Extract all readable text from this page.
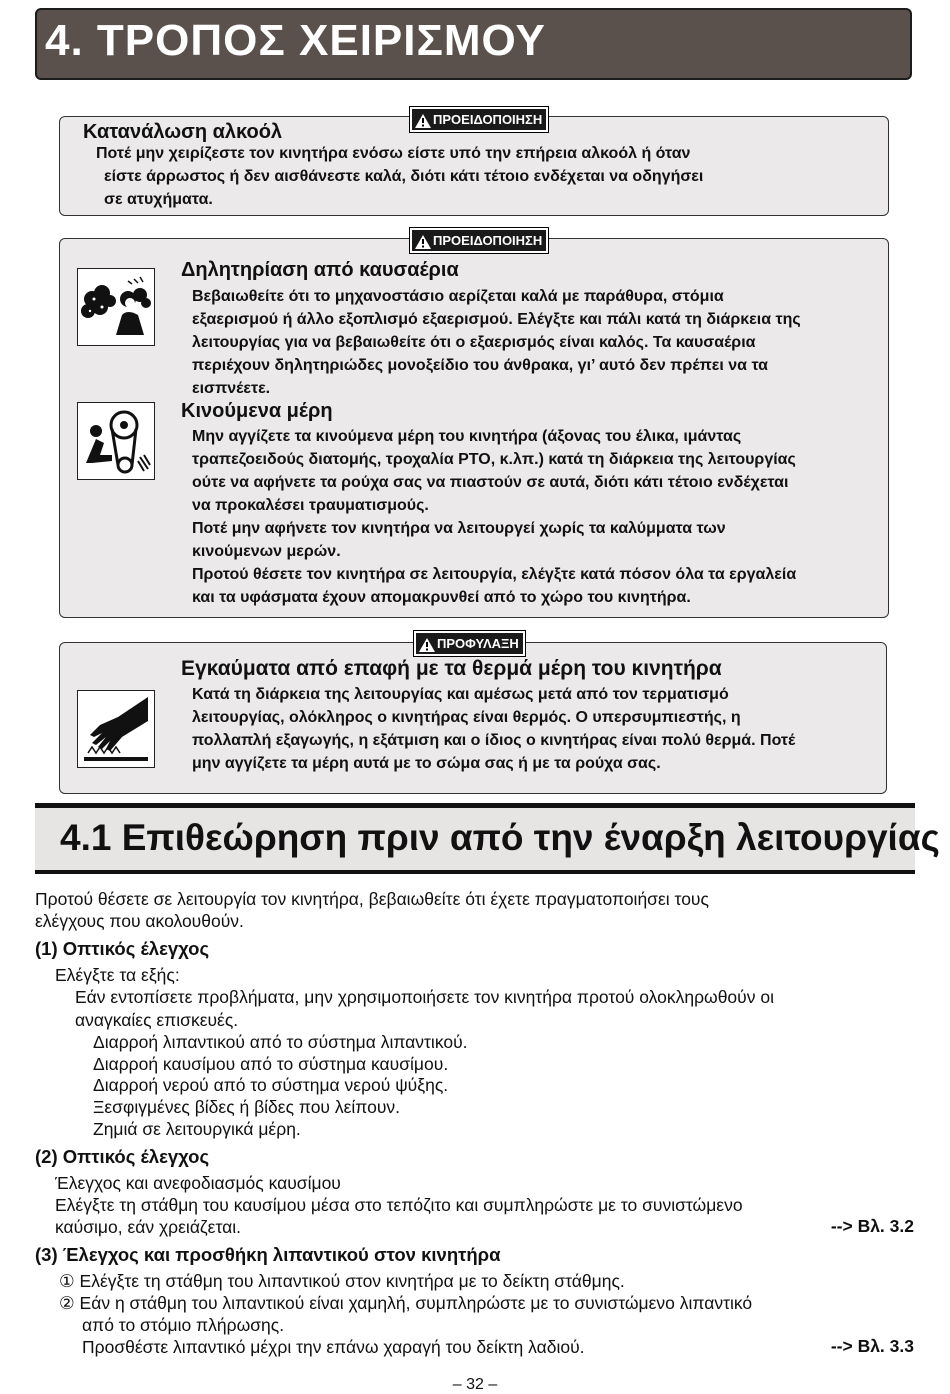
4. ΤΡΟΠΟΣ ΧΕΙΡΙΣΜΟΥ
ΠΡΟΕΙΔΟΠΟΙΗΣΗ
Κατανάλωση αλκοόλ

Ποτέ μην χειρίζεστε τον κινητήρα ενόσω είστε υπό την επήρεια αλκοόλ ή όταν

είστε άρρωστος ή δεν αισθάνεστε καλά, διότι κάτι τέτοιο ενδέχεται να οδηγήσει

σε ατυχήματα.

ΠΡΟΕΙΔΟΠΟΙΗΣΗ
Δηλητηρίαση από καυσαέρια

Βεβαιωθείτε ότι το μηχανοστάσιο αερίζεται καλά με παράθυρα, στόμια

εξαερισμού ή άλλο εξοπλισμό εξαερισμού. Ελέγξτε και πάλι κατά τη διάρκεια της

λειτουργίας για να βεβαιωθείτε ότι ο εξαερισμός είναι καλός. Τα καυσαέρια

περιέχουν δηλητηριώδες μονοξείδιο του άνθρακα, γι’ αυτό δεν πρέπει να τα

εισπνέετε.

Κινούμενα μέρη

Μην αγγίζετε τα κινούμενα μέρη του κινητήρα (άξονας του έλικα, ιμάντας

τραπεζοειδούς διατομής, τροχαλία PTO, κ.λπ.) κατά τη διάρκεια της λειτουργίας

ούτε να αφήνετε τα ρούχα σας να πιαστούν σε αυτά, διότι κάτι τέτοιο ενδέχεται

να προκαλέσει τραυματισμούς.

Ποτέ μην αφήνετε τον κινητήρα να λειτουργεί χωρίς τα καλύμματα των

κινούμενων μερών.

Προτού θέσετε τον κινητήρα σε λειτουργία, ελέγξτε κατά πόσον όλα τα εργαλεία

και τα υφάσματα έχουν απομακρυνθεί από το χώρο του κινητήρα.

ΠΡΟΦΥΛΑΞΗ
Εγκαύματα από επαφή με τα θερμά μέρη του κινητήρα

Κατά τη διάρκεια της λειτουργίας και αμέσως μετά από τον τερματισμό

λειτουργίας, ολόκληρος ο κινητήρας είναι θερμός. Ο υπερσυμπιεστής, η

πολλαπλή εξαγωγής, η εξάτμιση και ο ίδιος ο κινητήρας είναι πολύ θερμά. Ποτέ

μην αγγίζετε τα μέρη αυτά με το σώμα σας ή με τα ρούχα σας.

4.1 Επιθεώρηση πριν από την έναρξη λειτουργίας
Προτού θέσετε σε λειτουργία τον κινητήρα, βεβαιωθείτε ότι έχετε πραγματοποιήσει τους
ελέγχους που ακολουθούν.
(1) Οπτικός έλεγχος
Ελέγξτε τα εξής:
Εάν εντοπίσετε προβλήματα, μην χρησιμοποιήσετε τον κινητήρα προτού ολοκληρωθούν οι
αναγκαίες επισκευές.
Διαρροή λιπαντικού από το σύστημα λιπαντικού.
Διαρροή καυσίμου από το σύστημα καυσίμου.
Διαρροή νερού από το σύστημα νερού ψύξης.
Ξεσφιγμένες βίδες ή βίδες που λείπουν.
Ζημιά σε λειτουργικά μέρη.
(2) Οπτικός έλεγχος
Έλεγχος και ανεφοδιασμός καυσίμου
Ελέγξτε τη στάθμη του καυσίμου μέσα στο τεπόζιτο και συμπληρώστε με το συνιστώμενο
καύσιμο, εάν χρειάζεται.	--> Βλ. 3.2
(3) Έλεγχος και προσθήκη λιπαντικού στον κινητήρα
① Ελέγξτε τη στάθμη του λιπαντικού στον κινητήρα με το δείκτη στάθμης.
② Εάν η στάθμη του λιπαντικού είναι χαμηλή, συμπληρώστε με το συνιστώμενο λιπαντικό
από το στόμιο πλήρωσης.
Προσθέστε λιπαντικό μέχρι την επάνω χαραγή του δείκτη λαδιού.	--> Βλ. 3.3
– 32 –
